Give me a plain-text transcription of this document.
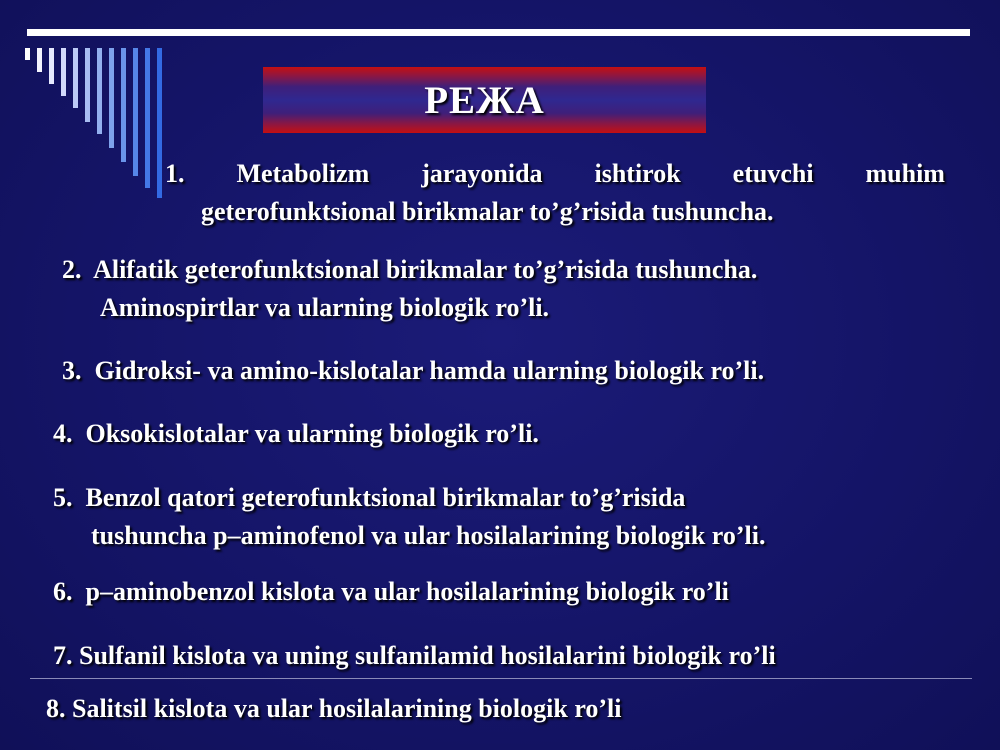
РЕЖА
1. Metabolizm jarayonida ishtirok etuvchi muhim
geterofunktsional birikmalar to’g’risida tushuncha.
2. Alifatik geterofunktsional birikmalar to’g’risida tushuncha.
Aminospirtlar va ularning biologik ro’li.
3. Gidroksi- va amino-kislotalar hamda ularning biologik ro’li.
4. Oksokislotalar va ularning biologik ro’li.
5. Benzol qatori geterofunktsional birikmalar to’g’risida
tushuncha p–aminofenol va ular hosilalarining biologik ro’li.
6. p–aminobenzol kislota va ular hosilalarining biologik ro’li
7. Sulfanil kislota va uning sulfanilamid hosilalarini biologik ro’li
8. Salitsil kislota va ular hosilalarining biologik ro’li
